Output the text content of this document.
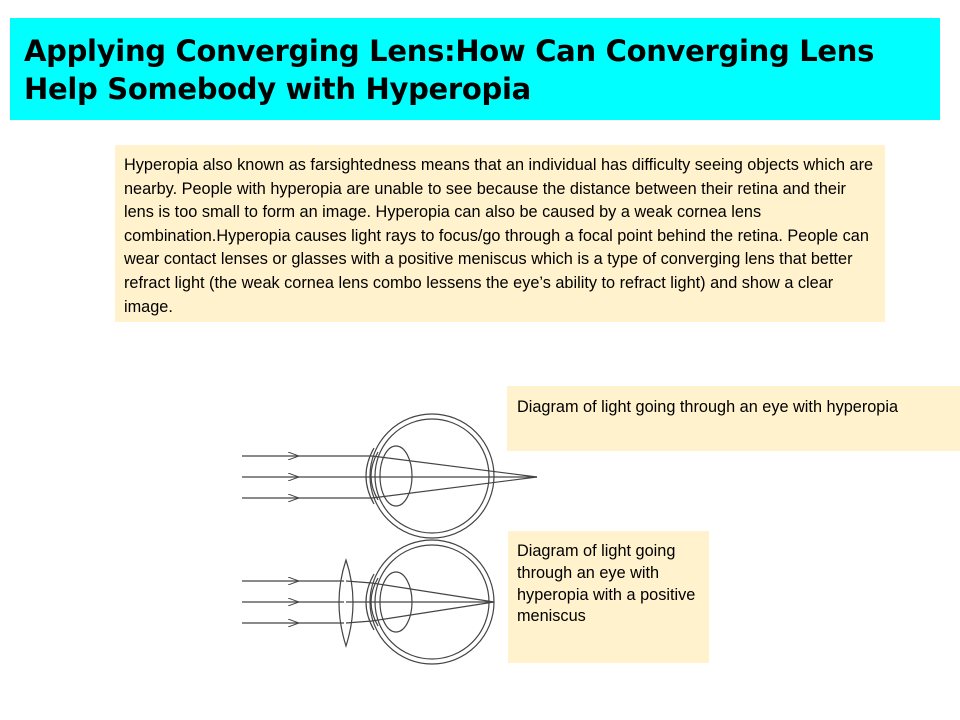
Applying Converging Lens:How Can Converging Lens Help Somebody with Hyperopia

Hyperopia also known as farsightedness means that an individual has difficulty seeing objects which are nearby. People with hyperopia are unable to see because the distance between their retina and their lens is too small to form an image. Hyperopia can also be caused by a weak cornea lens combination.Hyperopia causes light rays to focus/go through a focal point behind the retina. People can wear contact lenses or glasses with a positive meniscus which is a type of converging lens that better refract light (the weak cornea lens combo lessens the eye’s ability to refract light) and show a clear image.
Diagram of light going through an eye with hyperopia
Diagram of light going through an eye with hyperopia with a positive meniscus
